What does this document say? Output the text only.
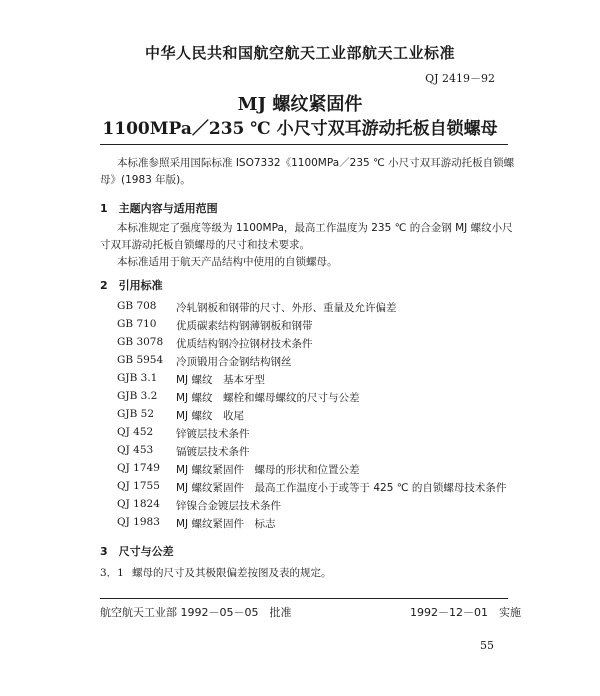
中华人民共和国航空航天工业部航天工业标准
QJ 2419－92
MJ 螺纹紧固件
1100MPa／235 ℃ 小尺寸双耳游动托板自锁螺母
本标准参照采用国际标准 ISO7332《1100MPa／235 ℃ 小尺寸双耳游动托板自锁螺
母》(1983 年版)。
1　主题内容与适用范围
本标准规定了强度等级为 1100MPa，最高工作温度为 235 ℃ 的合金钢 MJ 螺纹小尺
寸双耳游动托板自锁螺母的尺寸和技术要求。
本标准适用于航天产品结构中使用的自锁螺母。
2　引用标准
GB 708 冷轧钢板和钢带的尺寸、外形、重量及允许偏差
GB 710 优质碳素结构钢薄钢板和钢带
GB 3078 优质结构钢冷拉钢材技术条件
GB 5954 冷顶锻用合金钢结构钢丝
GJB 3.1 MJ 螺纹　基本牙型
GJB 3.2 MJ 螺纹　螺栓和螺母螺纹的尺寸与公差
GJB 52 MJ 螺纹　收尾
QJ 452 锌镀层技术条件
QJ 453 镉镀层技术条件
QJ 1749 MJ 螺纹紧固件　螺母的形状和位置公差
QJ 1755 MJ 螺纹紧固件　最高工作温度小于或等于 425 ℃ 的自锁螺母技术条件
QJ 1824 锌镍合金镀层技术条件
QJ 1983 MJ 螺纹紧固件　标志
3　尺寸与公差
3．1 螺母的尺寸及其极限偏差按图及表的规定。
航空航天工业部 1992－05－05　批准	1992－12－01　实施
55
